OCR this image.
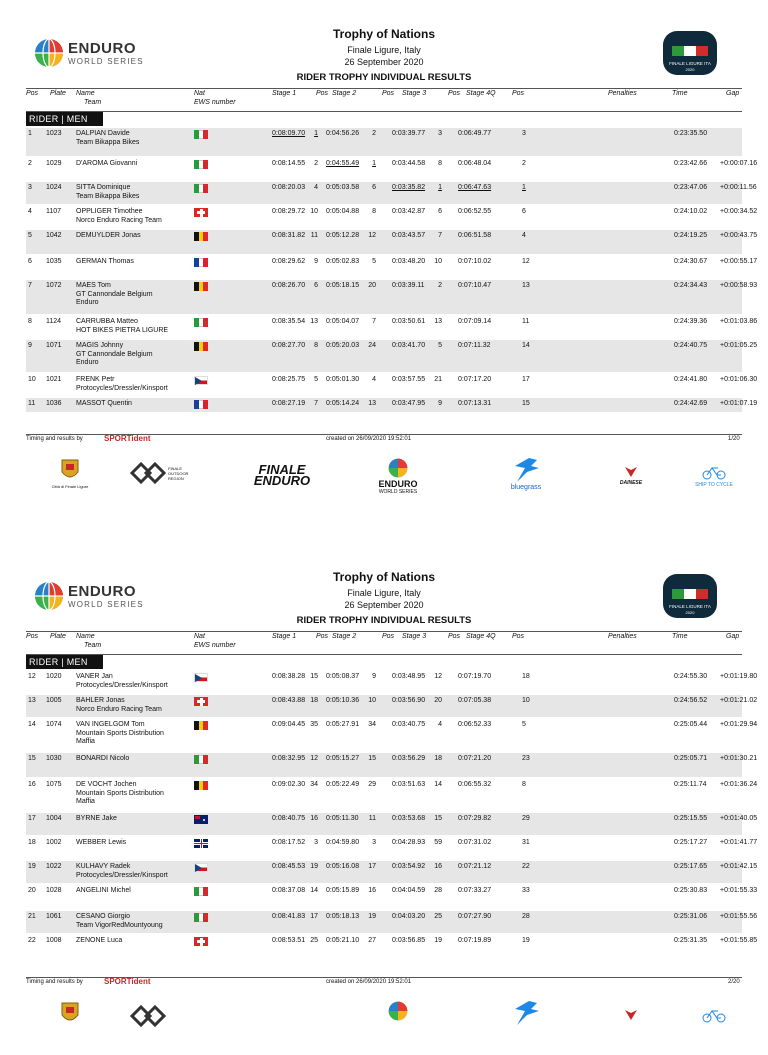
ENDURO
WORLD SERIES
Trophy of Nations
Finale Ligure, Italy
26 September 2020
RIDER TROPHY INDIVIDUAL RESULTS
FINALE LIGURE ITA
2020
Pos Plate Name
Team
Nat
EWS number
Stage 1	Pos Stage 2	Pos Stage 3	Pos Stage 4Q Pos	Penalties	Time	Gap
RIDER | MEN
1 1023 DALPIAN Davide
Team Bikappa Bikes
0:08:09.70	1 0:04:56.26	2 0:03:39.77	3 0:06:49.77	3	0:23:35.50
2 1029 D'AROMA Giovanni	0:08:14.55	2 0:04:55.49	1 0:03:44.58	8 0:06:48.04	2	0:23:42.66 +0:00:07.16
3 1024 SITTA Dominique
Team Bikappa Bikes
0:08:20.03	4 0:05:03.58	6 0:03:35.82	1 0:06:47.63	1	0:23:47.06 +0:00:11.56
4 1107 OPPLIGER Timothee
Norco Enduro Racing Team
0:08:29.72 10 0:05:04.88	8 0:03:42.87	6 0:06:52.55	6	0:24:10.02 +0:00:34.52
5 1042 DEMUYLDER Jonas	0:08:31.82 11 0:05:12.28	12 0:03:43.57	7 0:06:51.58	4	0:24:19.25 +0:00:43.75
6 1035 GERMAN Thomas	0:08:29.62	9 0:05:02.83	5 0:03:48.20	10 0:07:10.02	12	0:24:30.67 +0:00:55.17
7 1072 MAES Tom
GT Cannondale Belgium
Enduro
0:08:26.70	6 0:05:18.15	20 0:03:39.11	2 0:07:10.47	13	0:24:34.43 +0:00:58.93
8 1124 CARRUBBA Matteo
HOT BIKES PIETRA LIGURE
0:08:35.54 13 0:05:04.07	7 0:03:50.61	13 0:07:09.14	11	0:24:39.36 +0:01:03.86
9 1071 MAGIS Johnny
GT Cannondale Belgium
Enduro
0:08:27.70	8 0:05:20.03	24 0:03:41.70	5 0:07:11.32	14	0:24:40.75 +0:01:05.25
10 1021 FRENK Petr
Protocycles/Dressler/Kinsport
0:08:25.75	5 0:05:01.30	4 0:03:57.55	21 0:07:17.20	17	0:24:41.80 +0:01:06.30
11 1036 MASSOT Quentin	0:08:27.19	7 0:05:14.24	13 0:03:47.95	9 0:07:13.31	15	0:24:42.69 +0:01:07.19
Timing and results by	SPORTident	created on 26/09/2020 19:52:01	1/20
Città di Finale Ligure
FINALE OUTDOOR REGION
FINALE
ENDURO	ENDURO
WORLD SERIES
bluegrass
DAINESE	SHIP TO CYCLE
ENDURO
WORLD SERIES
Trophy of Nations
Finale Ligure, Italy
26 September 2020
RIDER TROPHY INDIVIDUAL RESULTS
FINALE LIGURE ITA
2020
Pos Plate Name
Team
Nat
EWS number
Stage 1	Pos Stage 2	Pos Stage 3	Pos Stage 4Q Pos	Penalties	Time	Gap
RIDER | MEN
12 1020 VANER Jan
Protocycles/Dressler/Kinsport
0:08:38.28 15 0:05:08.37	9 0:03:48.95	12 0:07:19.70	18	0:24:55.30 +0:01:19.80
13 1005 BAHLER Jonas
Norco Enduro Racing Team
0:08:43.88 18 0:05:10.36	10 0:03:56.90	20 0:07:05.38	10	0:24:56.52 +0:01:21.02
14 1074 VAN INGELGOM Tom
Mountain Sports Distribution
Maffia
0:09:04.45 35 0:05:27.91	34 0:03:40.75	4 0:06:52.33	5	0:25:05.44 +0:01:29.94
15 1030 BONARDI Nicolo	0:08:32.95 12 0:05:15.27	15 0:03:56.29	18 0:07:21.20	23	0:25:05.71 +0:01:30.21
16 1075 DE VOCHT Jochen
Mountain Sports Distribution
Maffia
0:09:02.30 34 0:05:22.49	29 0:03:51.63	14 0:06:55.32	8	0:25:11.74 +0:01:36.24
17 1004 BYRNE Jake	0:08:40.75 16 0:05:11.30	11 0:03:53.68	15 0:07:29.82	29	0:25:15.55 +0:01:40.05
18 1002 WEBBER Lewis	0:08:17.52	3 0:04:59.80	3 0:04:28.93	59 0:07:31.02	31	0:25:17.27 +0:01:41.77
19 1022 KULHAVY Radek
Protocycles/Dressler/Kinsport
0:08:45.53 19 0:05:16.08	17 0:03:54.92	16 0:07:21.12	22	0:25:17.65 +0:01:42.15
20 1028 ANGELINI Michel	0:08:37.08 14 0:05:15.89	16 0:04:04.59	28 0:07:33.27	33	0:25:30.83 +0:01:55.33
21 1061 CESANO Giorgio
Team VigorRedMountyoung
0:08:41.83 17 0:05:18.13	19 0:04:03.20	25 0:07:27.90	28	0:25:31.06 +0:01:55.56
22 1008 ZENONE Luca	0:08:53.51 25 0:05:21.10	27 0:03:56.85	19 0:07:19.89	19	0:25:31.35 +0:01:55.85
Timing and results by	SPORTident	created on 26/09/2020 19:52:01	2/20
